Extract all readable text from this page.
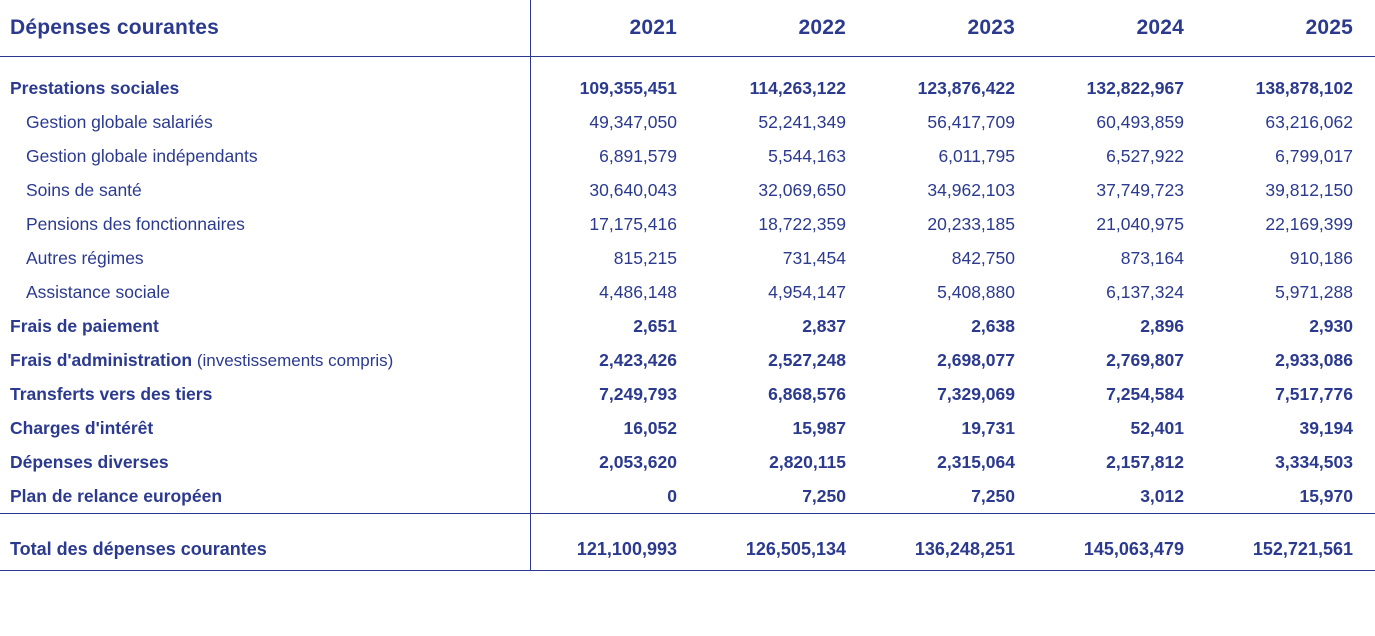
Dépenses courantes	2021	2022	2023	2024	2025

Prestations sociales	109,355,451	114,263,122	123,876,422	132,822,967	138,878,102
Gestion globale salariés	49,347,050	52,241,349	56,417,709	60,493,859	63,216,062
Gestion globale indépendants	6,891,579	5,544,163	6,011,795	6,527,922	6,799,017
Soins de santé	30,640,043	32,069,650	34,962,103	37,749,723	39,812,150
Pensions des fonctionnaires	17,175,416	18,722,359	20,233,185	21,040,975	22,169,399
Autres régimes	815,215	731,454	842,750	873,164	910,186
Assistance sociale	4,486,148	4,954,147	5,408,880	6,137,324	5,971,288
Frais de paiement	2,651	2,837	2,638	2,896	2,930
Frais d'administration (investissements compris)	2,423,426	2,527,248	2,698,077	2,769,807	2,933,086
Transferts vers des tiers	7,249,793	6,868,576	7,329,069	7,254,584	7,517,776
Charges d'intérêt	16,052	15,987	19,731	52,401	39,194
Dépenses diverses	2,053,620	2,820,115	2,315,064	2,157,812	3,334,503
Plan de relance européen	0	7,250	7,250	3,012	15,970

Total des dépenses courantes	121,100,993	126,505,134	136,248,251	145,063,479	152,721,561
